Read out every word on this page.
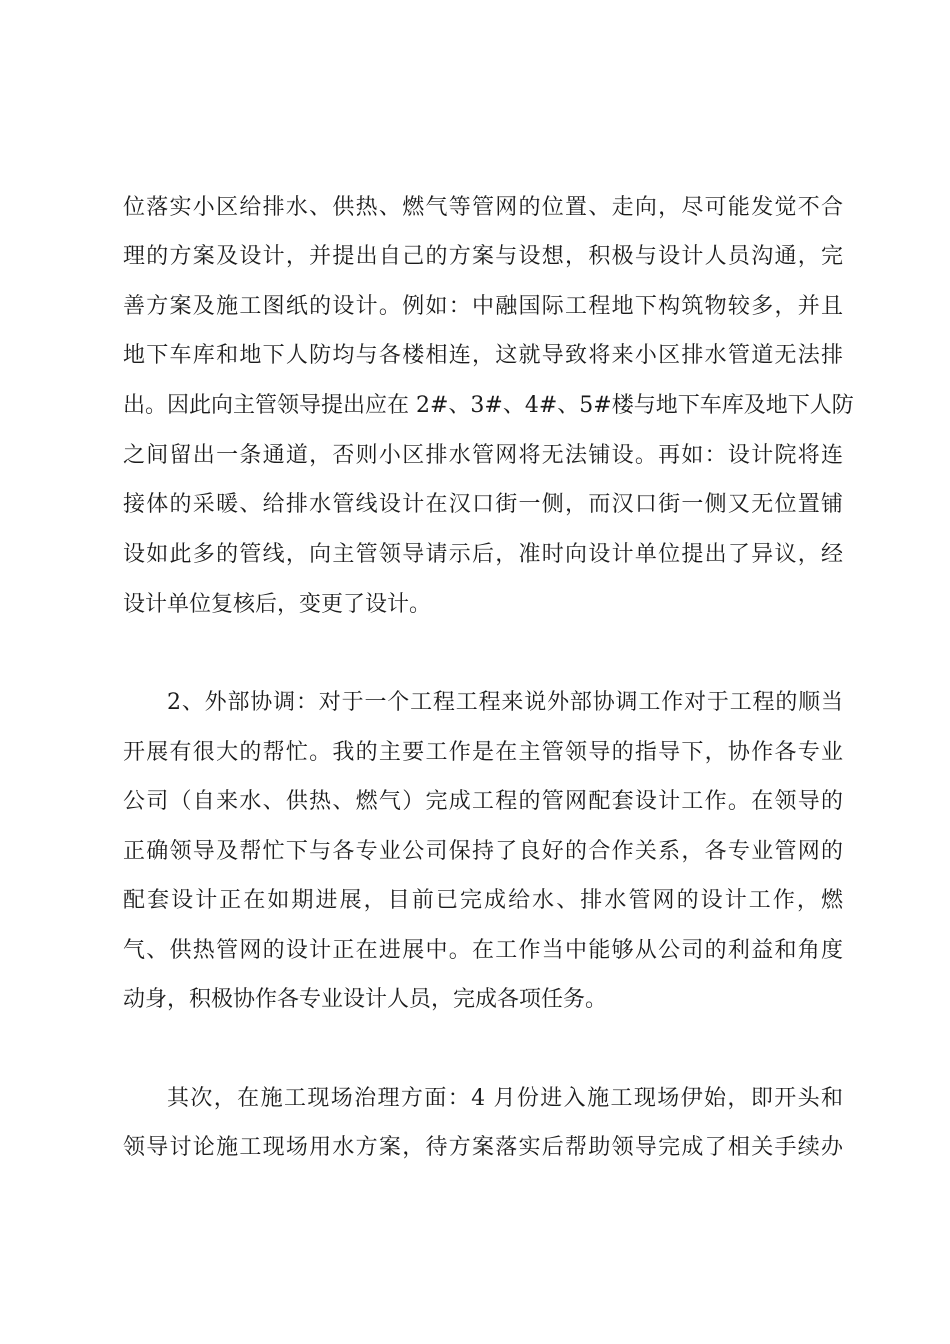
位落实小区给排水、供热、燃气等管网的位置、走向，尽可能发觉不合
理的方案及设计，并提出自己的方案与设想，积极与设计人员沟通，完
善方案及施工图纸的设计。例如：中融国际工程地下构筑物较多，并且
地下车库和地下人防均与各楼相连，这就导致将来小区排水管道无法排
出。因此向主管领导提出应在 2#、3#、4#、5#楼与地下车库及地下人防
之间留出一条通道，否则小区排水管网将无法铺设。再如：设计院将连
接体的采暖、给排水管线设计在汉口街一侧，而汉口街一侧又无位置铺
设如此多的管线，向主管领导请示后，准时向设计单位提出了异议，经
设计单位复核后，变更了设计。
2、外部协调：对于一个工程工程来说外部协调工作对于工程的顺当
开展有很大的帮忙。我的主要工作是在主管领导的指导下，协作各专业
公司（自来水、供热、燃气）完成工程的管网配套设计工作。在领导的
正确领导及帮忙下与各专业公司保持了良好的合作关系，各专业管网的
配套设计正在如期进展，目前已完成给水、排水管网的设计工作，燃
气、供热管网的设计正在进展中。在工作当中能够从公司的利益和角度
动身，积极协作各专业设计人员，完成各项任务。
其次，在施工现场治理方面：4 月份进入施工现场伊始，即开头和
领导讨论施工现场用水方案，待方案落实后帮助领导完成了相关手续办
